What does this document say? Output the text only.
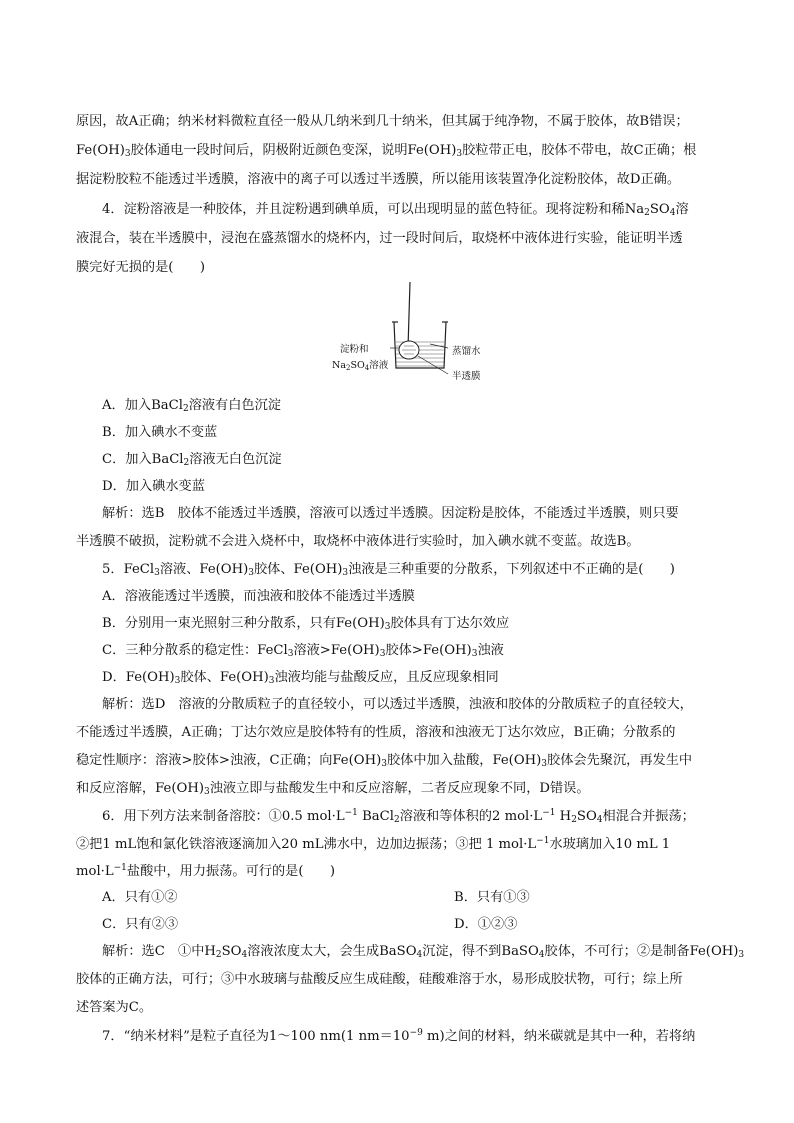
原因，故A正确；纳米材料微粒直径一般从几纳米到几十纳米，但其属于纯净物，不属于胶体，故B错误；
$Fe(OH)_3$胶体通电一段时间后，阴极附近颜色变深，说明$Fe(OH)_3$胶粒带正电，胶体不带电，故C正确；根
据淀粉胶粒不能透过半透膜，溶液中的离子可以透过半透膜，所以能用该装置净化淀粉胶体，故D正确。
4．淀粉溶液是一种胶体，并且淀粉遇到碘单质，可以出现明显的蓝色特征。现将淀粉和稀$Na_2SO_4$溶
液混合，装在半透膜中，浸泡在盛蒸馏水的烧杯内，过一段时间后，取烧杯中液体进行实验，能证明半透
膜完好无损的是(　　)
淀粉和
$Na_2SO_4$溶液
蒸馏水
半透膜
A．加入BaCl$_2$溶液有白色沉淀
B．加入碘水不变蓝
C．加入BaCl$_2$溶液无白色沉淀
D．加入碘水变蓝
解析：选B　胶体不能透过半透膜，溶液可以透过半透膜。因淀粉是胶体，不能透过半透膜，则只要
半透膜不破损，淀粉就不会进入烧杯中，取烧杯中液体进行实验时，加入碘水就不变蓝。故选B。
5．FeCl$_3$溶液、$Fe(OH)_3$胶体、$Fe(OH)_3$浊液是三种重要的分散系，下列叙述中不正确的是(　　)
A．溶液能透过半透膜，而浊液和胶体不能透过半透膜
B．分别用一束光照射三种分散系，只有$Fe(OH)_3$胶体具有丁达尔效应
C．三种分散系的稳定性：FeCl$_3$溶液$>Fe(OH)_3$胶体$>Fe(OH)_3$浊液
D．$Fe(OH)_3$胶体、$Fe(OH)_3$浊液均能与盐酸反应，且反应现象相同
解析：选D　溶液的分散质粒子的直径较小，可以透过半透膜，浊液和胶体的分散质粒子的直径较大，
不能透过半透膜，A正确；丁达尔效应是胶体特有的性质，溶液和浊液无丁达尔效应，B正确；分散系的
稳定性顺序：溶液>胶体>浊液，C正确；向$Fe(OH)_3$胶体中加入盐酸，$Fe(OH)_3$胶体会先聚沉，再发生中
和反应溶解，$Fe(OH)_3$浊液立即与盐酸发生中和反应溶解，二者反应现象不同，D错误。
6．用下列方法来制备溶胶：①0.5 $mol\cdot L^{-1}$ BaCl$_2$溶液和等体积的2 $mol\cdot L^{-1}$ $H_2SO_4$相混合并振荡；
②把1 mL饱和氯化铁溶液逐滴加入20 mL沸水中，边加边振荡；③把 1 $mol\cdot L^{-1}$水玻璃加入10 mL 1
$mol\cdot L^{-1}$盐酸中，用力振荡。可行的是(　　)
A．只有①②	B．只有①③
C．只有②③	D．①②③
解析：选C　①中$H_2SO_4$溶液浓度太大，会生成BaSO$_4$沉淀，得不到BaSO$_4$胶体，不可行；②是制备$Fe(OH)_3$
胶体的正确方法，可行；③中水玻璃与盐酸反应生成硅酸，硅酸难溶于水，易形成胶状物，可行；综上所
述答案为C。
7．“纳米材料”是粒子直径为1～100 nm(1 $nm=10^{-9}$ m)之间的材料，纳米碳就是其中一种，若将纳
